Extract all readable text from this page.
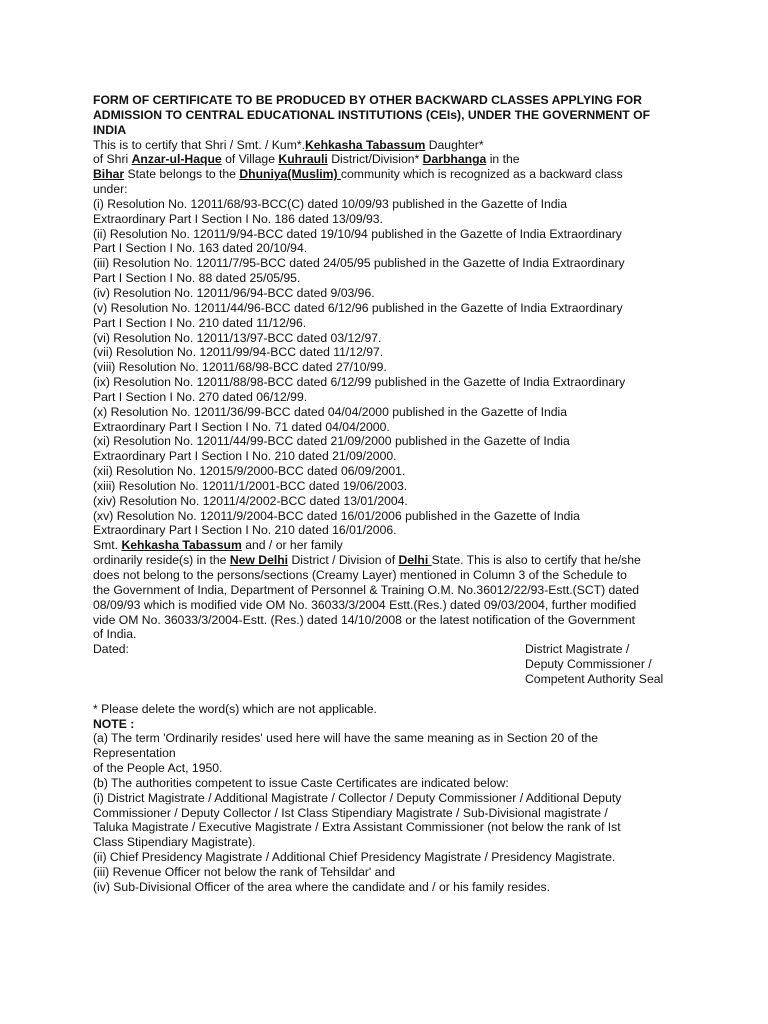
FORM OF CERTIFICATE TO BE PRODUCED BY OTHER BACKWARD CLASSES APPLYING FOR ADMISSION TO CENTRAL EDUCATIONAL INSTITUTIONS (CEIs), UNDER THE GOVERNMENT OF INDIA

This is to certify that Shri / Smt. / Kum*.Kehkasha Tabassum Daughter*

of Shri Anzar-ul-Haque of Village Kuhrauli District/Division* Darbhanga in the

Bihar State belongs to the Dhuniya(Muslim) community which is recognized as a backward class

under:

(i) Resolution No. 12011/68/93-BCC(C) dated 10/09/93 published in the Gazette of India
Extraordinary Part I Section I No. 186 dated 13/09/93.
(ii) Resolution No. 12011/9/94-BCC dated 19/10/94 published in the Gazette of India Extraordinary
Part I Section I No. 163 dated 20/10/94.
(iii) Resolution No. 12011/7/95-BCC dated 24/05/95 published in the Gazette of India Extraordinary
Part I Section I No. 88 dated 25/05/95.
(iv) Resolution No. 12011/96/94-BCC dated 9/03/96.
(v) Resolution No. 12011/44/96-BCC dated 6/12/96 published in the Gazette of India Extraordinary
Part I Section I No. 210 dated 11/12/96.
(vi) Resolution No. 12011/13/97-BCC dated 03/12/97.
(vii) Resolution No. 12011/99/94-BCC dated 11/12/97.
(viii) Resolution No. 12011/68/98-BCC dated 27/10/99.
(ix) Resolution No. 12011/88/98-BCC dated 6/12/99 published in the Gazette of India Extraordinary
Part I Section I No. 270 dated 06/12/99.
(x) Resolution No. 12011/36/99-BCC dated 04/04/2000 published in the Gazette of India
Extraordinary Part I Section I No. 71 dated 04/04/2000.
(xi) Resolution No. 12011/44/99-BCC dated 21/09/2000 published in the Gazette of India
Extraordinary Part I Section I No. 210 dated 21/09/2000.
(xii) Resolution No. 12015/9/2000-BCC dated 06/09/2001.
(xiii) Resolution No. 12011/1/2001-BCC dated 19/06/2003.
(xiv) Resolution No. 12011/4/2002-BCC dated 13/01/2004.
(xv) Resolution No. 12011/9/2004-BCC dated 16/01/2006 published in the Gazette of India
Extraordinary Part I Section I No. 210 dated 16/01/2006.

Smt. Kehkasha Tabassum and / or her family

ordinarily reside(s) in the New Delhi District / Division of Delhi State. This is also to certify that he/she

does not belong to the persons/sections (Creamy Layer) mentioned in Column 3 of the Schedule to
the Government of India, Department of Personnel & Training O.M. No.36012/22/93-Estt.(SCT) dated
08/09/93 which is modified vide OM No. 36033/3/2004 Estt.(Res.) dated 09/03/2004, further modified
vide OM No. 36033/3/2004-Estt. (Res.) dated 14/10/2008 or the latest notification of the Government
of India.
Dated:	District Magistrate /
Deputy Commissioner /
Competent Authority Seal

* Please delete the word(s) which are not applicable.

NOTE :

(a) The term 'Ordinarily resides' used here will have the same meaning as in Section 20 of the
Representation
of the People Act, 1950.
(b) The authorities competent to issue Caste Certificates are indicated below:
(i) District Magistrate / Additional Magistrate / Collector / Deputy Commissioner / Additional Deputy
Commissioner / Deputy Collector / Ist Class Stipendiary Magistrate / Sub-Divisional magistrate /
Taluka Magistrate / Executive Magistrate / Extra Assistant Commissioner (not below the rank of Ist
Class Stipendiary Magistrate).
(ii) Chief Presidency Magistrate / Additional Chief Presidency Magistrate / Presidency Magistrate.
(iii) Revenue Officer not below the rank of Tehsildar' and
(iv) Sub-Divisional Officer of the area where the candidate and / or his family resides.
